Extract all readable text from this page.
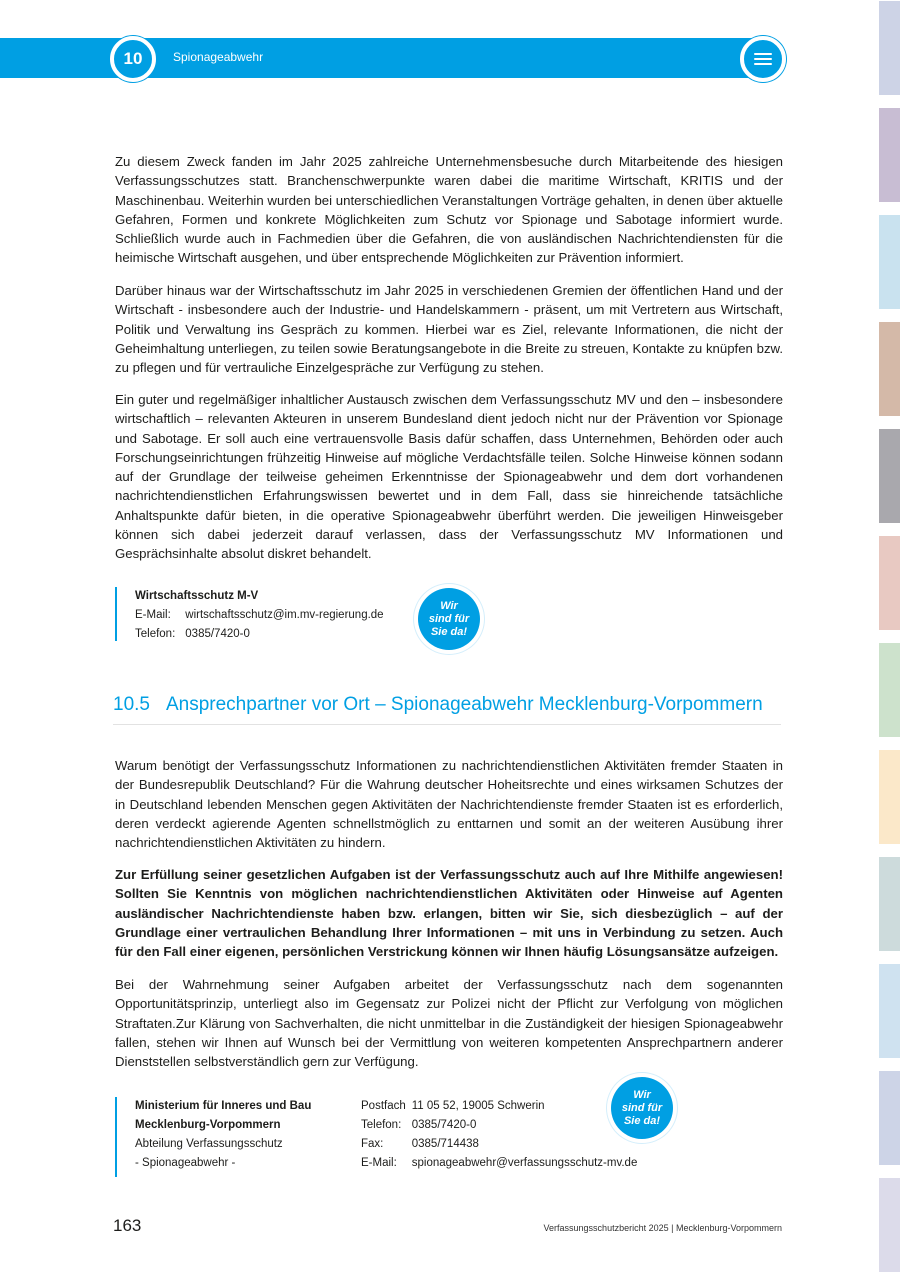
10	Spionageabwehr

Zu diesem Zweck fanden im Jahr 2025 zahlreiche Unternehmensbesuche durch Mitarbeitende des hiesigen Verfassungsschutzes statt. Branchenschwerpunkte waren dabei die maritime Wirtschaft, KRITIS und der Maschinenbau. Weiterhin wurden bei unterschiedlichen Veranstaltungen Vorträge gehalten, in denen über aktuelle Gefahren, Formen und konkrete Möglichkeiten zum Schutz vor Spionage und Sabotage informiert wurde. Schließlich wurde auch in Fachmedien über die Gefahren, die von ausländischen Nachrichtendiensten für die heimische Wirtschaft ausgehen, und über entsprechende Möglichkeiten zur Prävention informiert.

Darüber hinaus war der Wirtschaftsschutz im Jahr 2025 in verschiedenen Gremien der öffentlichen Hand und der Wirtschaft - insbesondere auch der Industrie- und Handelskammern - präsent, um mit Vertretern aus Wirtschaft, Politik und Verwaltung ins Gespräch zu kommen. Hierbei war es Ziel, relevante Informationen, die nicht der Geheimhaltung unterliegen, zu teilen sowie Beratungsangebote in die Breite zu streuen, Kontakte zu knüpfen bzw. zu pflegen und für vertrauliche Einzelgespräche zur Verfügung zu stehen.

Ein guter und regelmäßiger inhaltlicher Austausch zwischen dem Verfassungsschutz MV und den – insbesondere wirtschaftlich – relevanten Akteuren in unserem Bundesland dient jedoch nicht nur der Prävention vor Spionage und Sabotage. Er soll auch eine vertrauensvolle Basis dafür schaffen, dass Unternehmen, Behörden oder auch Forschungseinrichtungen frühzeitig Hinweise auf mögliche Verdachtsfälle teilen. Solche Hinweise können sodann auf der Grundlage der teilweise geheimen Erkenntnisse der Spionageabwehr und dem dort vorhandenen nachrichtendienstlichen Erfahrungswissen bewertet und in dem Fall, dass sie hinreichende tatsächliche Anhaltspunkte dafür bieten, in die operative Spionageabwehr überführt werden. Die jeweiligen Hinweisgeber können sich dabei jederzeit darauf verlassen, dass der Verfassungsschutz MV Informationen und Gesprächsinhalte absolut diskret behandelt.

Wirtschaftsschutz M-V
E-Mail:	wirtschaftsschutz@im.mv-regierung.de
Telefon:	0385/7420-0
Wir
sind für
Sie da!
10.5 Ansprechpartner vor Ort – Spionageabwehr Mecklenburg-Vorpommern

Warum benötigt der Verfassungsschutz Informationen zu nachrichtendienstlichen Aktivitäten fremder Staaten in der Bundesrepublik Deutschland? Für die Wahrung deutscher Hoheitsrechte und eines wirksamen Schutzes der in Deutschland lebenden Menschen gegen Aktivitäten der Nachrichtendienste fremder Staaten ist es erforderlich, deren verdeckt agierende Agenten schnellstmöglich zu enttarnen und somit an der weiteren Ausübung ihrer nachrichtendienstlichen Aktivitäten zu hindern.

Zur Erfüllung seiner gesetzlichen Aufgaben ist der Verfassungsschutz auch auf Ihre Mithilfe angewiesen! Sollten Sie Kenntnis von möglichen nachrichtendienstlichen Aktivitäten oder Hinweise auf Agenten ausländischer Nachrichtendienste haben bzw. erlangen, bitten wir Sie, sich diesbezüglich – auf der Grundlage einer vertraulichen Behandlung Ihrer Informationen – mit uns in Verbindung zu setzen. Auch für den Fall einer eigenen, persönlichen Verstrickung können wir Ihnen häufig Lösungsansätze aufzeigen.

Bei der Wahrnehmung seiner Aufgaben arbeitet der Verfassungsschutz nach dem sogenannten Opportunitätsprinzip, unterliegt also im Gegensatz zur Polizei nicht der Pflicht zur Verfolgung von möglichen Straftaten.Zur Klärung von Sachverhalten, die nicht unmittelbar in die Zuständigkeit der hiesigen Spionageabwehr fallen, stehen wir Ihnen auf Wunsch bei der Vermittlung von weiteren kompetenten Ansprechpartnern anderer Dienststellen selbstverständlich gern zur Verfügung.

Ministerium für Inneres und Bau
Mecklenburg-Vorpommern
Abteilung Verfassungsschutz
- Spionageabwehr -
Postfach	11 05 52, 19005 Schwerin
Telefon:	0385/7420-0
Fax:	0385/714438
E-Mail:	spionageabwehr@verfassungsschutz-mv.de
Wir
sind für
Sie da!
163	Verfassungsschutzbericht 2025 | Mecklenburg-Vorpommern
